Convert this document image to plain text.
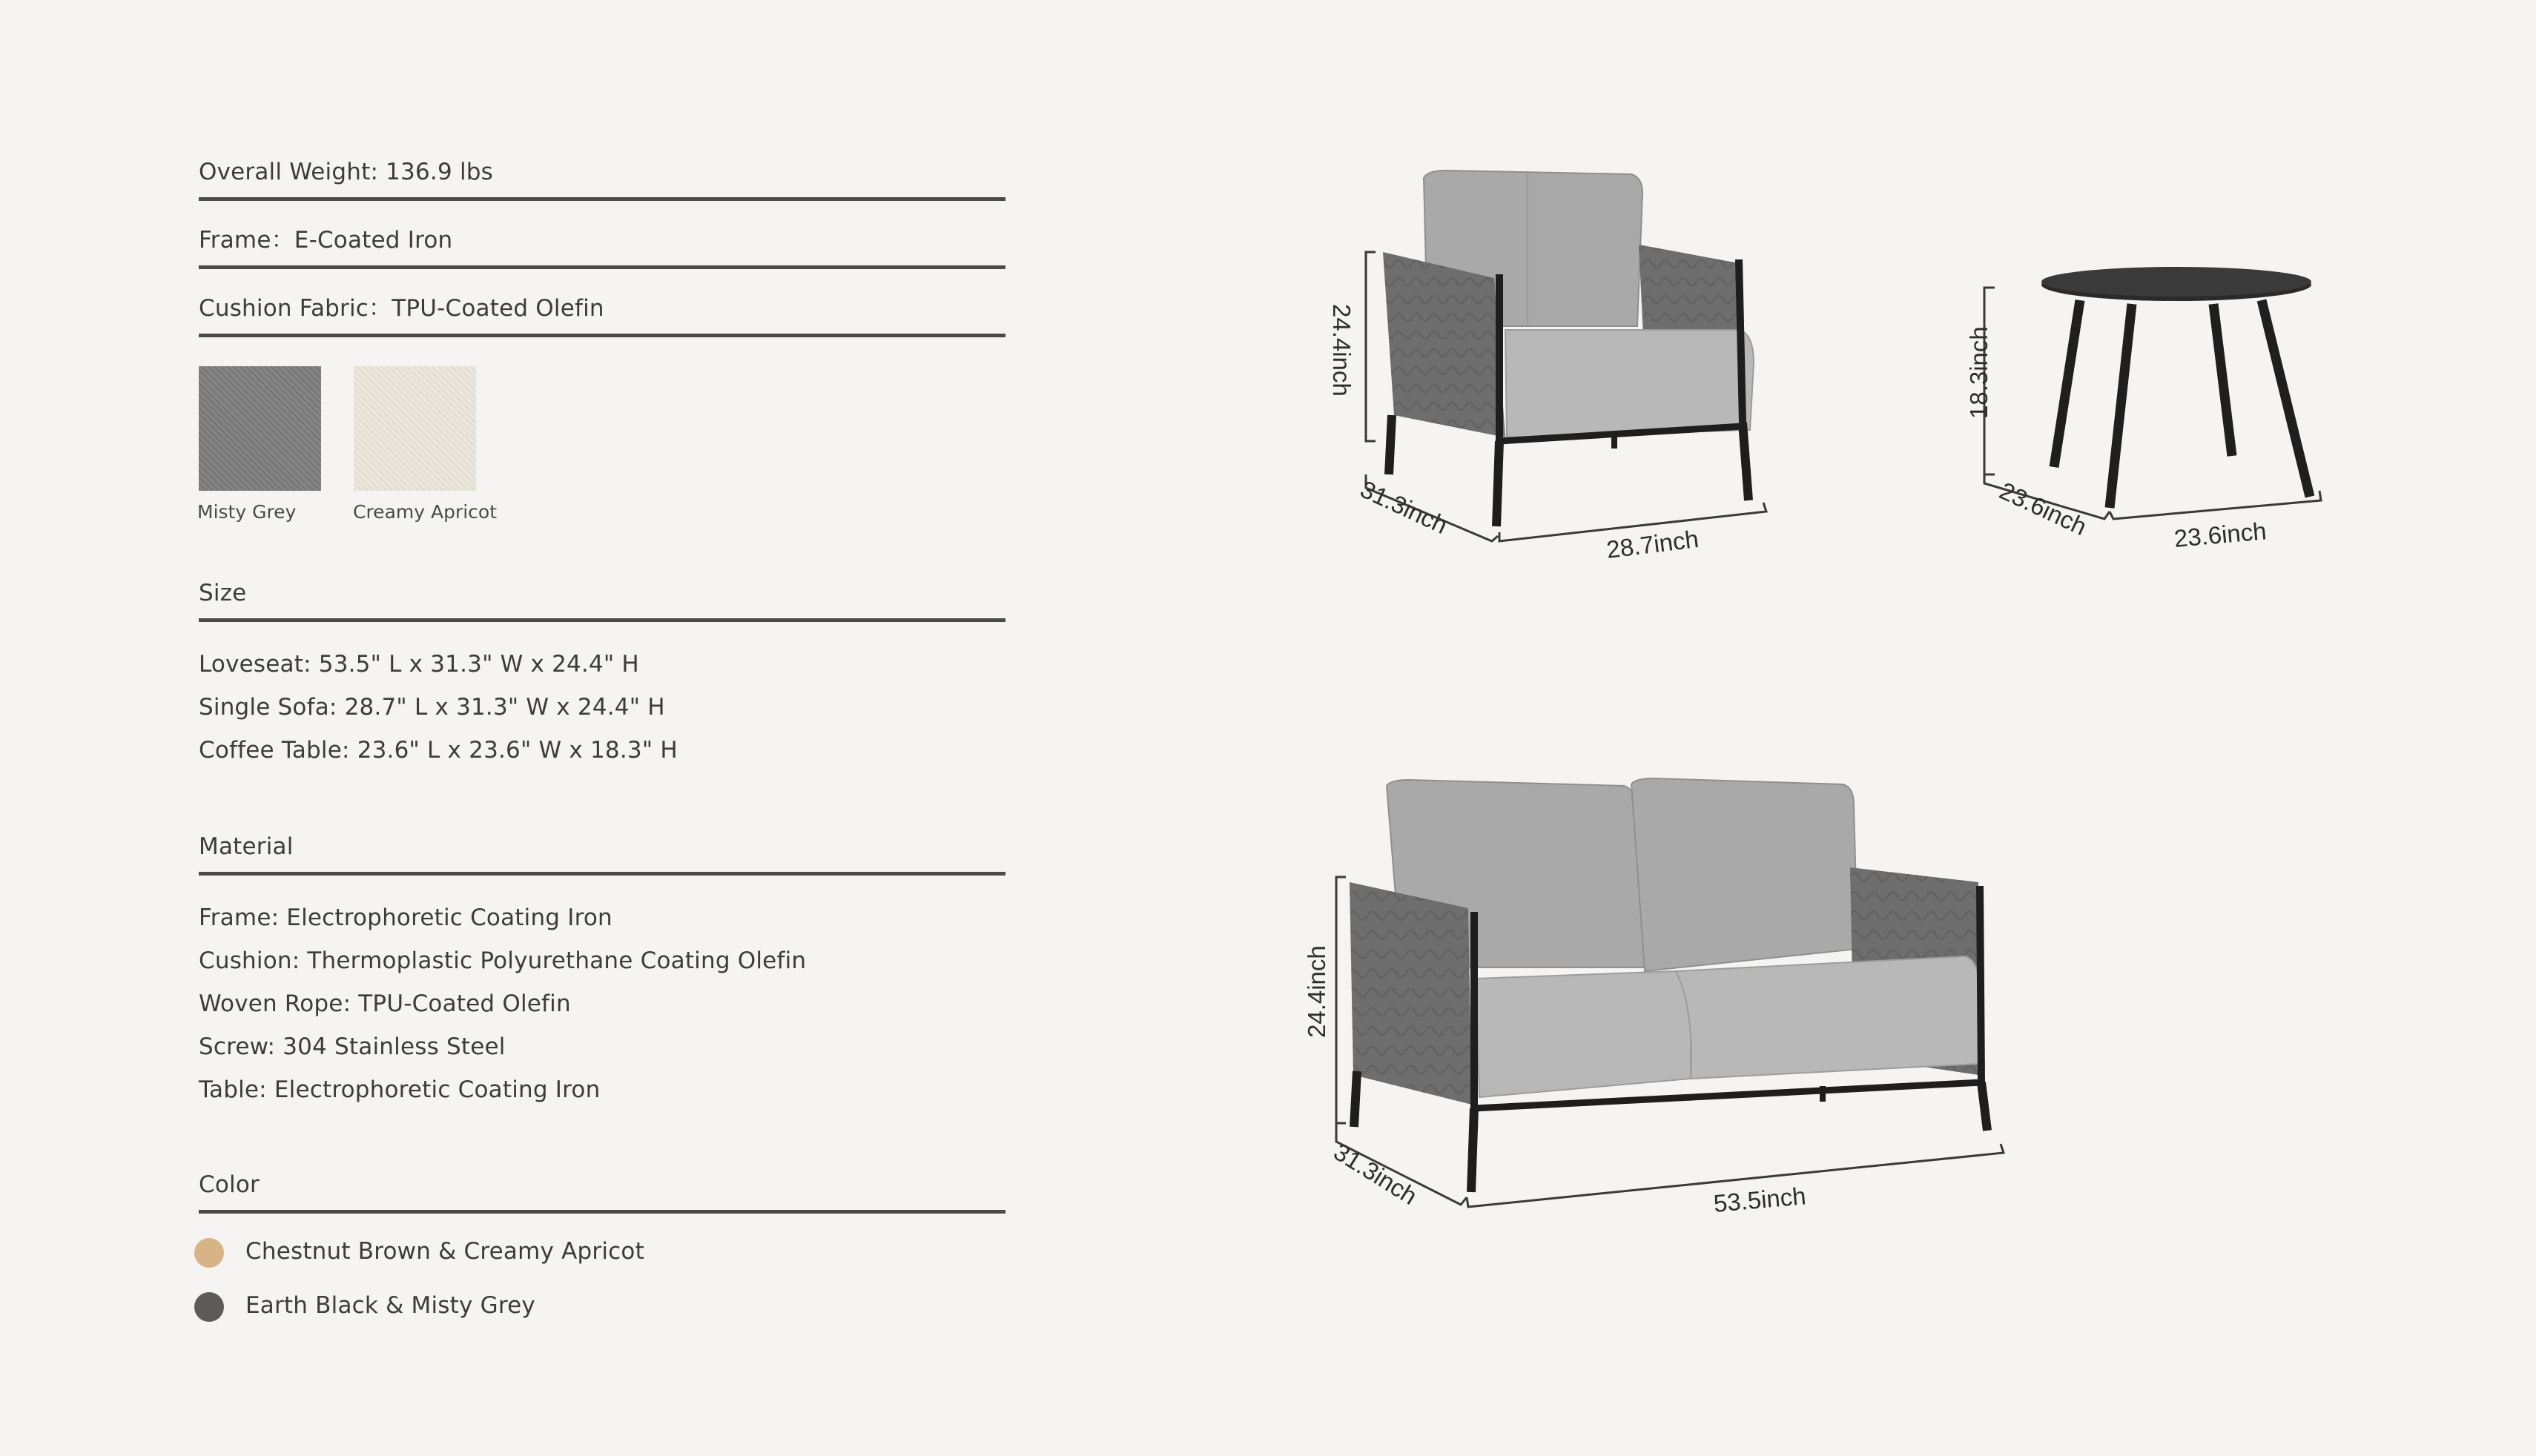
Overall Weight: 136.9 lbs
Frame：E-Coated Iron
Cushion Fabric：TPU-Coated Olefin
Misty Grey	Creamy Apricot
Size
Loveseat: 53.5" L x 31.3" W x 24.4" H
Single Sofa: 28.7" L x 31.3" W x 24.4" H
Coffee Table: 23.6" L x 23.6" W x 18.3" H
Material
Frame: Electrophoretic Coating Iron
Cushion: Thermoplastic Polyurethane Coating Olefin
Woven Rope: TPU-Coated Olefin
Screw: 304 Stainless Steel
Table: Electrophoretic Coating Iron
Color
Chestnut Brown & Creamy Apricot
Earth Black & Misty Grey
24.4inch
31.3inch
28.7inch
18.3inch
23.6inch	23.6inch
24.4inch
31.3inch	53.5inch
